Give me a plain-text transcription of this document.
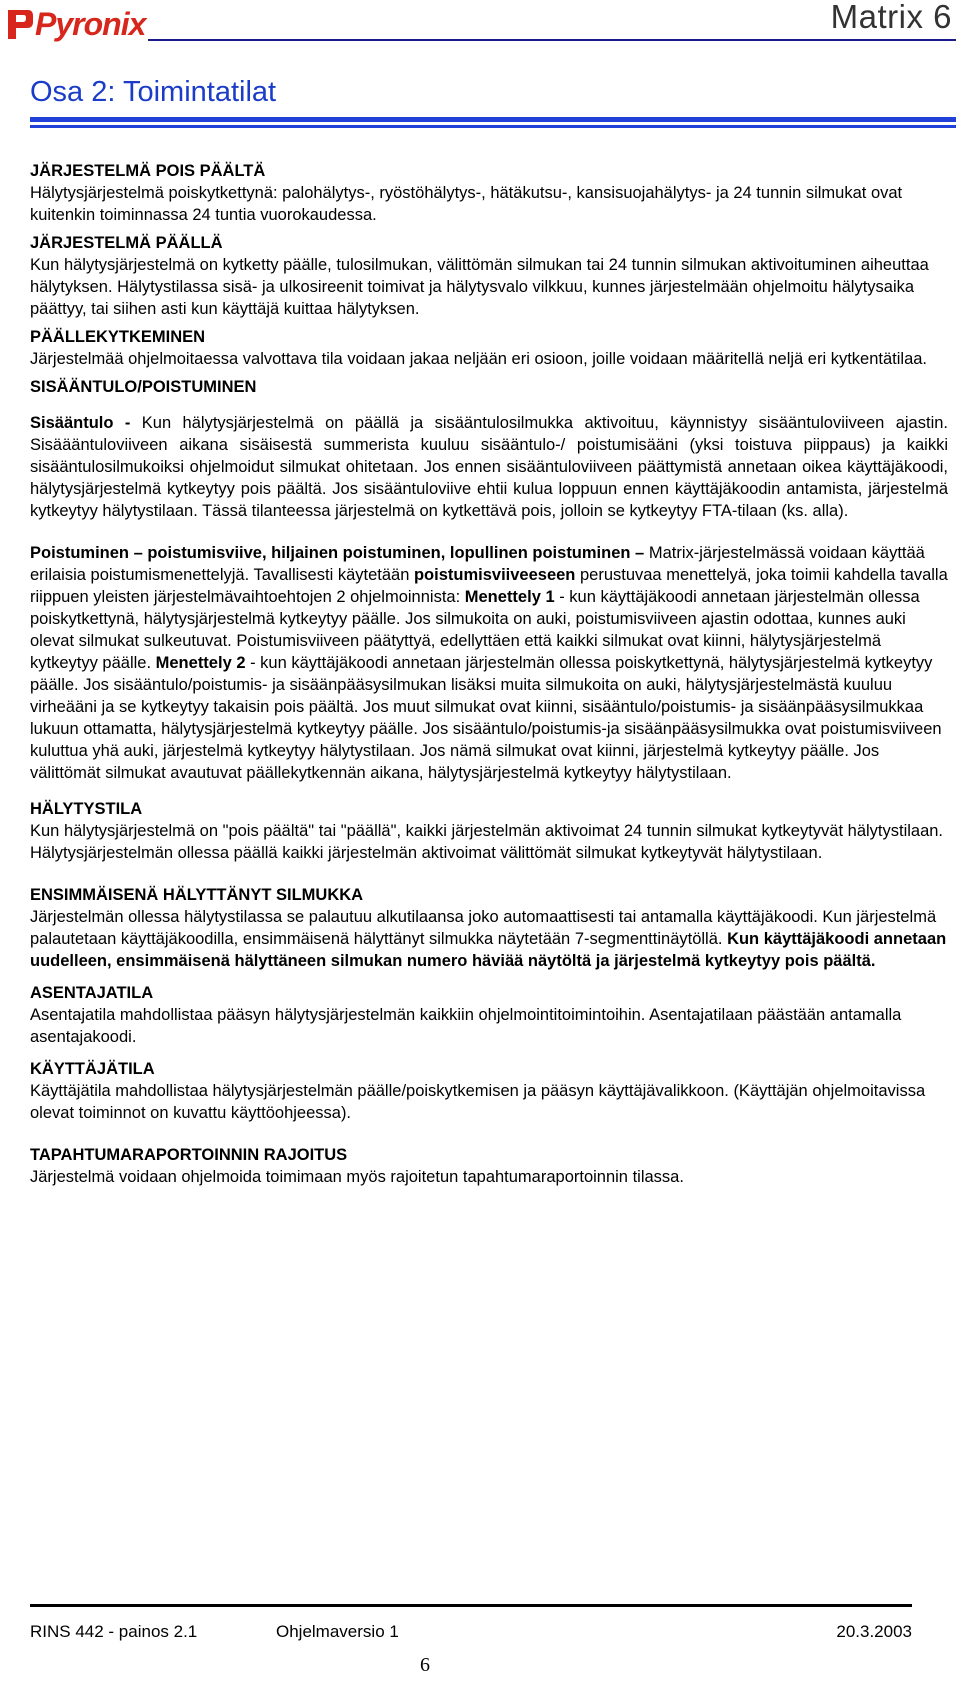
Pyronix	Matrix 6
Osa 2: Toimintatilat

JÄRJESTELMÄ POIS PÄÄLTÄ

Hälytysjärjestelmä poiskytkettynä: palohälytys-, ryöstöhälytys-, hätäkutsu-, kansisuojahälytys- ja 24 tunnin silmukat ovat kuitenkin toiminnassa 24 tuntia vuorokaudessa.

JÄRJESTELMÄ PÄÄLLÄ

Kun hälytysjärjestelmä on kytketty päälle, tulosilmukan, välittömän silmukan tai 24 tunnin silmukan aktivoituminen aiheuttaa hälytyksen. Hälytystilassa sisä- ja ulkosireenit toimivat ja hälytysvalo vilkkuu, kunnes järjestelmään ohjelmoitu hälytysaika päättyy, tai siihen asti kun käyttäjä kuittaa hälytyksen.

PÄÄLLEKYTKEMINEN

Järjestelmää ohjelmoitaessa valvottava tila voidaan jakaa neljään eri osioon, joille voidaan määritellä neljä eri kytkentätilaa.

SISÄÄNTULO/POISTUMINEN

Sisääntulo - Kun hälytysjärjestelmä on päällä ja sisääntulosilmukka aktivoituu, käynnistyy sisääntuloviiveen ajastin. Sisäääntuloviiveen aikana sisäisestä summerista kuuluu sisääntulo-/ poistumisääni (yksi toistuva piippaus) ja kaikki sisääntulosilmukoiksi ohjelmoidut silmukat ohitetaan. Jos ennen sisääntuloviiveen päättymistä annetaan oikea käyttäjäkoodi, hälytysjärjestelmä kytkeytyy pois päältä. Jos sisääntuloviive ehtii kulua loppuun ennen käyttäjäkoodin antamista, järjestelmä kytkeytyy hälytystilaan. Tässä tilanteessa järjestelmä on kytkettävä pois, jolloin se kytkeytyy FTA-tilaan (ks. alla).

Poistuminen – poistumisviive, hiljainen poistuminen, lopullinen poistuminen – Matrix-järjestelmässä voidaan käyttää erilaisia poistumismenettelyjä. Tavallisesti käytetään poistumisviiveeseen perustuvaa menettelyä, joka toimii kahdella tavalla riippuen yleisten järjestelmävaihtoehtojen 2 ohjelmoinnista: Menettely 1 - kun käyttäjäkoodi annetaan järjestelmän ollessa poiskytkettynä, hälytysjärjestelmä kytkeytyy päälle. Jos silmukoita on auki, poistumisviiveen ajastin odottaa, kunnes auki olevat silmukat sulkeutuvat. Poistumisviiveen päätyttyä, edellyttäen että kaikki silmukat ovat kiinni, hälytysjärjestelmä kytkeytyy päälle. Menettely 2 - kun käyttäjäkoodi annetaan järjestelmän ollessa poiskytkettynä, hälytysjärjestelmä kytkeytyy päälle. Jos sisääntulo/poistumis- ja sisäänpääsysilmukan lisäksi muita silmukoita on auki, hälytysjärjestelmästä kuuluu virheääni ja se kytkeytyy takaisin pois päältä. Jos muut silmukat ovat kiinni, sisääntulo/poistumis- ja sisäänpääsysilmukkaa lukuun ottamatta, hälytysjärjestelmä kytkeytyy päälle. Jos sisääntulo/poistumis-ja sisäänpääsysilmukka ovat poistumisviiveen kuluttua yhä auki, järjestelmä kytkeytyy hälytystilaan. Jos nämä silmukat ovat kiinni, järjestelmä kytkeytyy päälle. Jos välittömät silmukat avautuvat päällekytkennän aikana, hälytysjärjestelmä kytkeytyy hälytystilaan.

HÄLYTYSTILA

Kun hälytysjärjestelmä on "pois päältä" tai "päällä", kaikki järjestelmän aktivoimat 24 tunnin silmukat kytkeytyvät hälytystilaan. Hälytysjärjestelmän ollessa päällä kaikki järjestelmän aktivoimat välittömät silmukat kytkeytyvät hälytystilaan.

ENSIMMÄISENÄ HÄLYTTÄNYT SILMUKKA

Järjestelmän ollessa hälytystilassa se palautuu alkutilaansa joko automaattisesti tai antamalla käyttäjäkoodi. Kun järjestelmä palautetaan käyttäjäkoodilla, ensimmäisenä hälyttänyt silmukka näytetään 7-segmenttinäytöllä. Kun käyttäjäkoodi annetaan uudelleen, ensimmäisenä hälyttäneen silmukan numero häviää näytöltä ja järjestelmä kytkeytyy pois päältä.

ASENTAJATILA

Asentajatila mahdollistaa pääsyn hälytysjärjestelmän kaikkiin ohjelmointitoimintoihin. Asentajatilaan päästään antamalla asentajakoodi.

KÄYTTÄJÄTILA

Käyttäjätila mahdollistaa hälytysjärjestelmän päälle/poiskytkemisen ja pääsyn käyttäjävalikkoon. (Käyttäjän ohjelmoitavissa olevat toiminnot on kuvattu käyttöohjeessa).

TAPAHTUMARAPORTOINNIN RAJOITUS

Järjestelmä voidaan ohjelmoida toimimaan myös rajoitetun tapahtumaraportoinnin tilassa.

RINS 442 - painos 2.1	Ohjelmaversio 1	20.3.2003
6
